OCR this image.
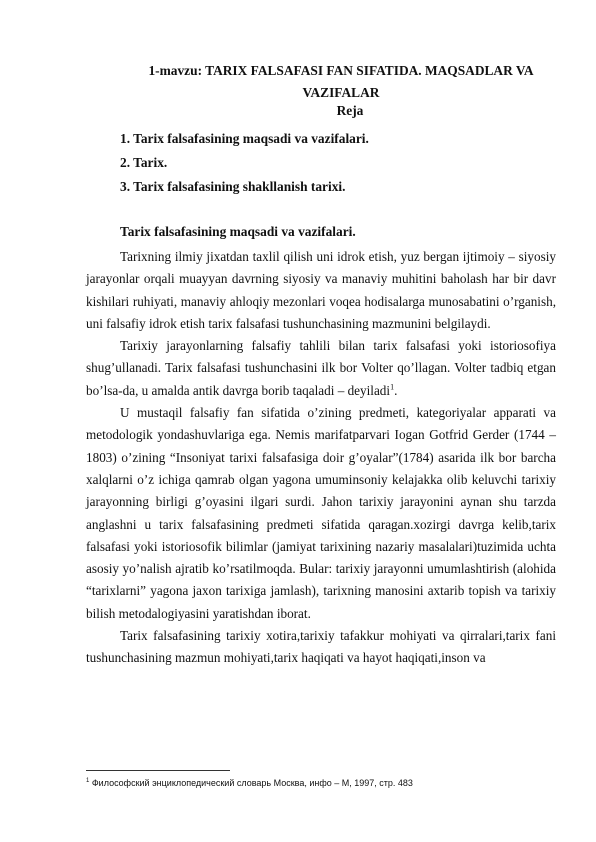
1-mavzu: TARIX FALSAFASI FAN SIFATIDA. MAQSADLAR VA
VAZIFALAR
Reja
1. Tarix falsafasining maqsadi va vazifalari.
2. Tarix.
3. Tarix falsafasining shakllanish tarixi.
Tarix falsafasining maqsadi va vazifalari.

Tarixning ilmiy jixatdan taxlil qilish uni idrok etish, yuz bergan ijtimoiy – siyosiy jarayonlar orqali muayyan davrning siyosiy va manaviy muhitini baholash har bir davr kishilari ruhiyati, manaviy ahloqiy mezonlari voqea hodisalarga munosabatini o’rganish, uni falsafiy idrok etish tarix falsafasi tushunchasining mazmunini belgilaydi.

Tarixiy jarayonlarning falsafiy tahlili bilan tarix falsafasi yoki istoriosofiya shug’ullanadi. Tarix falsafasi tushunchasini ilk bor Volter qo’llagan. Volter tadbiq etgan bo’lsa-da, u amalda antik davrga borib taqaladi – deyiladi$^1$.

U mustaqil falsafiy fan sifatida o’zining predmeti, kategoriyalar apparati va metodologik yondashuvlariga ega. Nemis marifatparvari Iogan Gotfrid Gerder (1744 – 1803) o’zining “Insoniyat tarixi falsafasiga doir g’oyalar”(1784) asarida ilk bor barcha xalqlarni o’z ichiga qamrab olgan yagona umuminsoniy kelajakka olib keluvchi tarixiy jarayonning birligi g’oyasini ilgari surdi. Jahon tarixiy jarayonini aynan shu tarzda anglashni u tarix falsafasining predmeti sifatida qaragan.xozirgi davrga kelib,tarix falsafasi yoki istoriosofik bilimlar (jamiyat tarixining nazariy masalalari)tuzimida uchta asosiy yo’nalish ajratib ko’rsatilmoqda. Bular: tarixiy jarayonni umumlashtirish (alohida “tarixlarni” yagona jaxon tarixiga jamlash), tarixning manosini axtarib topish va tarixiy bilish metodalogiyasini yaratishdan iborat.

Tarix falsafasining tarixiy xotira,tarixiy tafakkur mohiyati va qirralari,tarix fani tushunchasining mazmun mohiyati,tarix haqiqati va hayot haqiqati,inson va

$^1$ Философский энциклопедический словарь Москва, инфо – М, 1997, стр. 483
